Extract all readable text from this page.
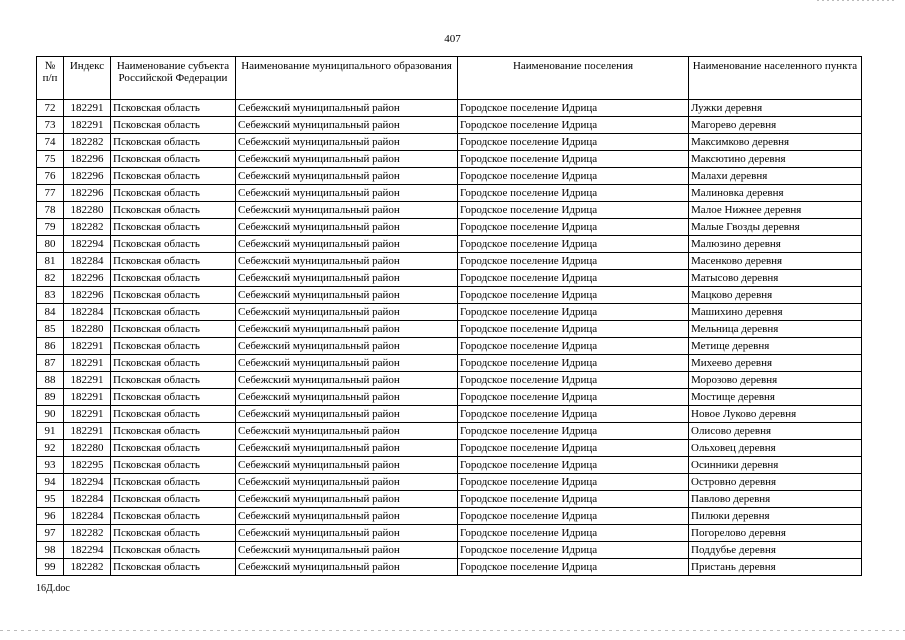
407
№ п/п	Индекс	Наименование субъекта Российской Федерации	Наименование муниципального образования	Наименование поселения	Наименование населенного пункта
72	182291	Псковская область	Себежский муниципальный район	Городское поселение Идрица	Лужки деревня
73	182291	Псковская область	Себежский муниципальный район	Городское поселение Идрица	Магорево деревня
74	182282	Псковская область	Себежский муниципальный район	Городское поселение Идрица	Максимково деревня
75	182296	Псковская область	Себежский муниципальный район	Городское поселение Идрица	Максютино деревня
76	182296	Псковская область	Себежский муниципальный район	Городское поселение Идрица	Малахи деревня
77	182296	Псковская область	Себежский муниципальный район	Городское поселение Идрица	Малиновка деревня
78	182280	Псковская область	Себежский муниципальный район	Городское поселение Идрица	Малое Нижнее деревня
79	182282	Псковская область	Себежский муниципальный район	Городское поселение Идрица	Малые Гвозды деревня
80	182294	Псковская область	Себежский муниципальный район	Городское поселение Идрица	Малюзино деревня
81	182284	Псковская область	Себежский муниципальный район	Городское поселение Идрица	Масенково деревня
82	182296	Псковская область	Себежский муниципальный район	Городское поселение Идрица	Матысово деревня
83	182296	Псковская область	Себежский муниципальный район	Городское поселение Идрица	Мацково деревня
84	182284	Псковская область	Себежский муниципальный район	Городское поселение Идрица	Машихино деревня
85	182280	Псковская область	Себежский муниципальный район	Городское поселение Идрица	Мельница деревня
86	182291	Псковская область	Себежский муниципальный район	Городское поселение Идрица	Метище деревня
87	182291	Псковская область	Себежский муниципальный район	Городское поселение Идрица	Михеево деревня
88	182291	Псковская область	Себежский муниципальный район	Городское поселение Идрица	Морозово деревня
89	182291	Псковская область	Себежский муниципальный район	Городское поселение Идрица	Мостище деревня
90	182291	Псковская область	Себежский муниципальный район	Городское поселение Идрица	Новое Луково деревня
91	182291	Псковская область	Себежский муниципальный район	Городское поселение Идрица	Олисово деревня
92	182280	Псковская область	Себежский муниципальный район	Городское поселение Идрица	Ольховец деревня
93	182295	Псковская область	Себежский муниципальный район	Городское поселение Идрица	Осинники деревня
94	182294	Псковская область	Себежский муниципальный район	Городское поселение Идрица	Островно деревня
95	182284	Псковская область	Себежский муниципальный район	Городское поселение Идрица	Павлово деревня
96	182284	Псковская область	Себежский муниципальный район	Городское поселение Идрица	Пилюки деревня
97	182282	Псковская область	Себежский муниципальный район	Городское поселение Идрица	Погорелово деревня
98	182294	Псковская область	Себежский муниципальный район	Городское поселение Идрица	Поддубье деревня
99	182282	Псковская область	Себежский муниципальный район	Городское поселение Идрица	Пристань деревня
16Д.doc
